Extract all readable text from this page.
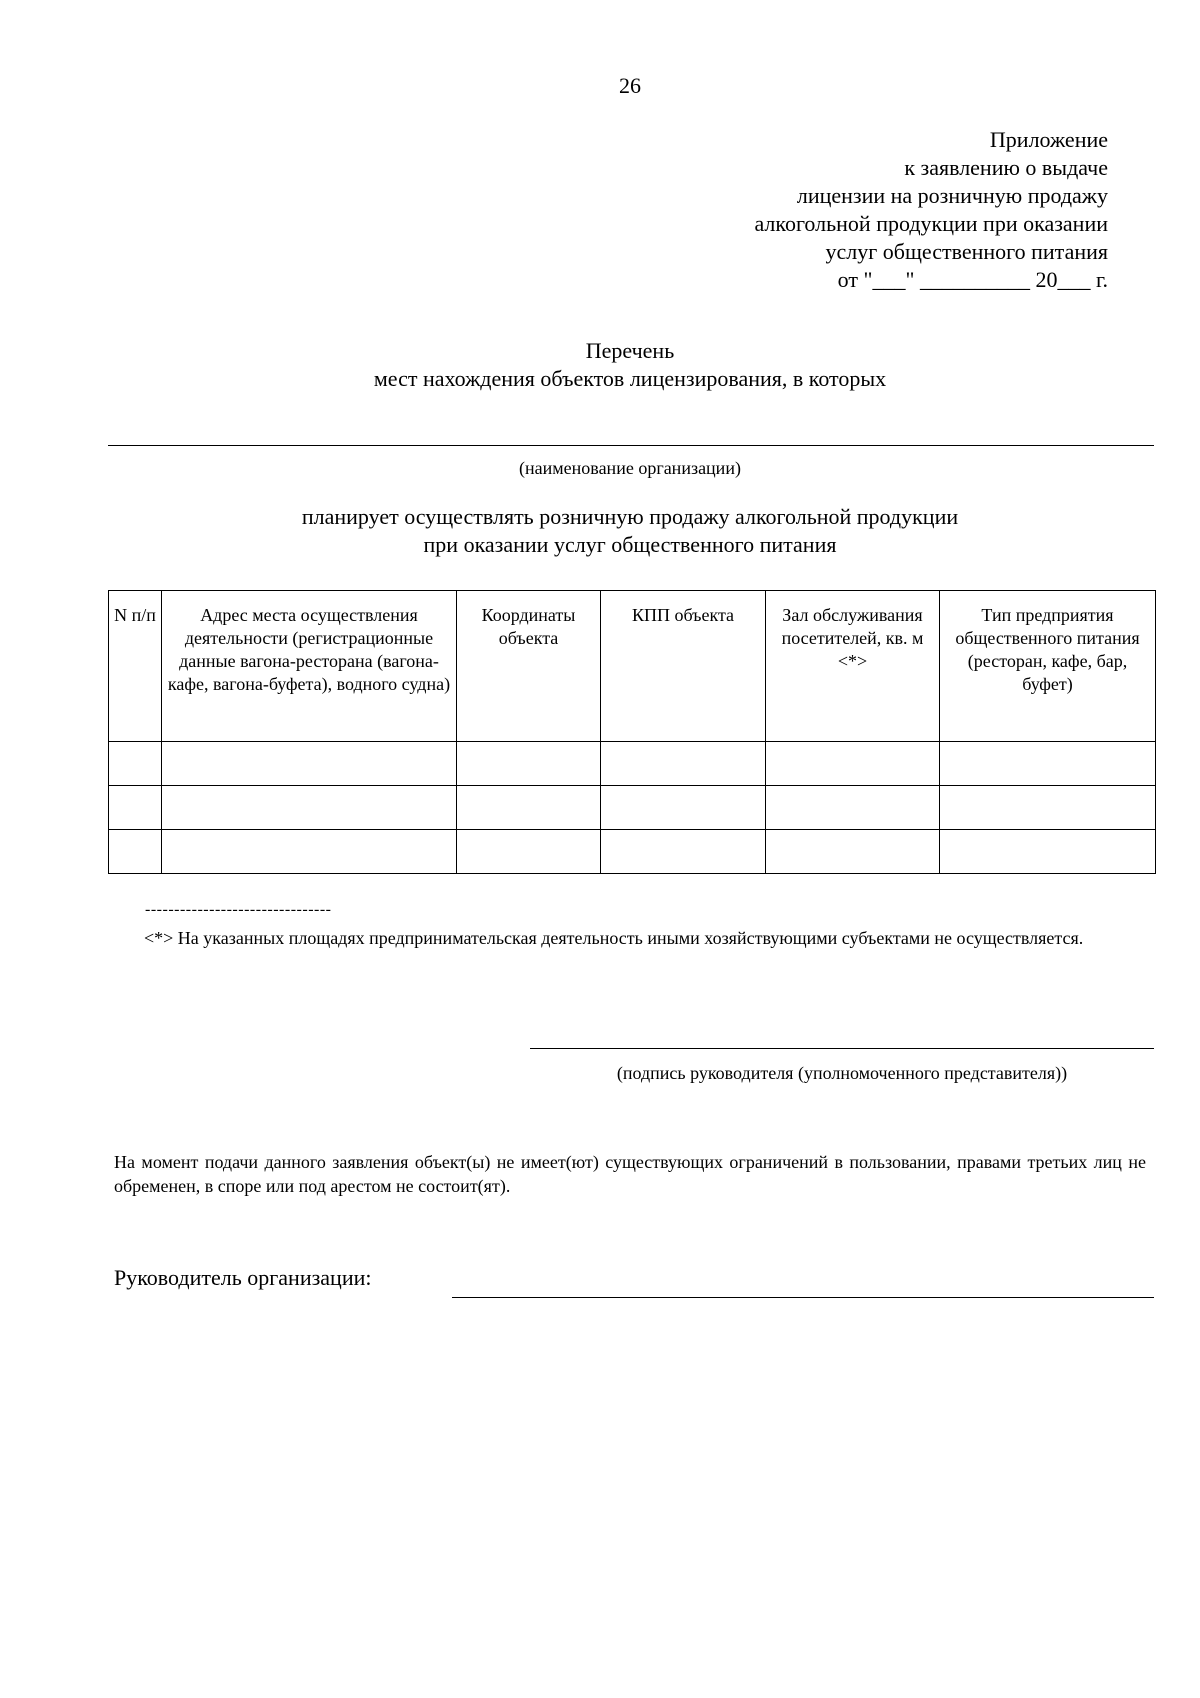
26
Приложение
к заявлению о выдаче
лицензии на розничную продажу
алкогольной продукции при оказании
услуг общественного питания
от "___" __________ 20___ г.
Перечень
мест нахождения объектов лицензирования, в которых
(наименование организации)
планирует осуществлять розничную продажу алкогольной продукции
при оказании услуг общественного питания
N п/п	Адрес места осуществления деятельности (регистрационные данные вагона-ресторана (вагона-кафе, вагона-буфета), водного судна)	Координаты объекта	КПП объекта	Зал обслуживания посетителей, кв. м <*>	Тип предприятия общественного питания (ресторан, кафе, бар, буфет)

--------------------------------
<*> На указанных площадях предпринимательская деятельность иными хозяйствующими субъектами не осуществляется.
(подпись руководителя (уполномоченного представителя))
На момент подачи данного заявления объект(ы) не имеет(ют) существующих ограничений в пользовании, правами третьих лиц не обременен, в споре или под арестом не состоит(ят).
Руководитель организации:
